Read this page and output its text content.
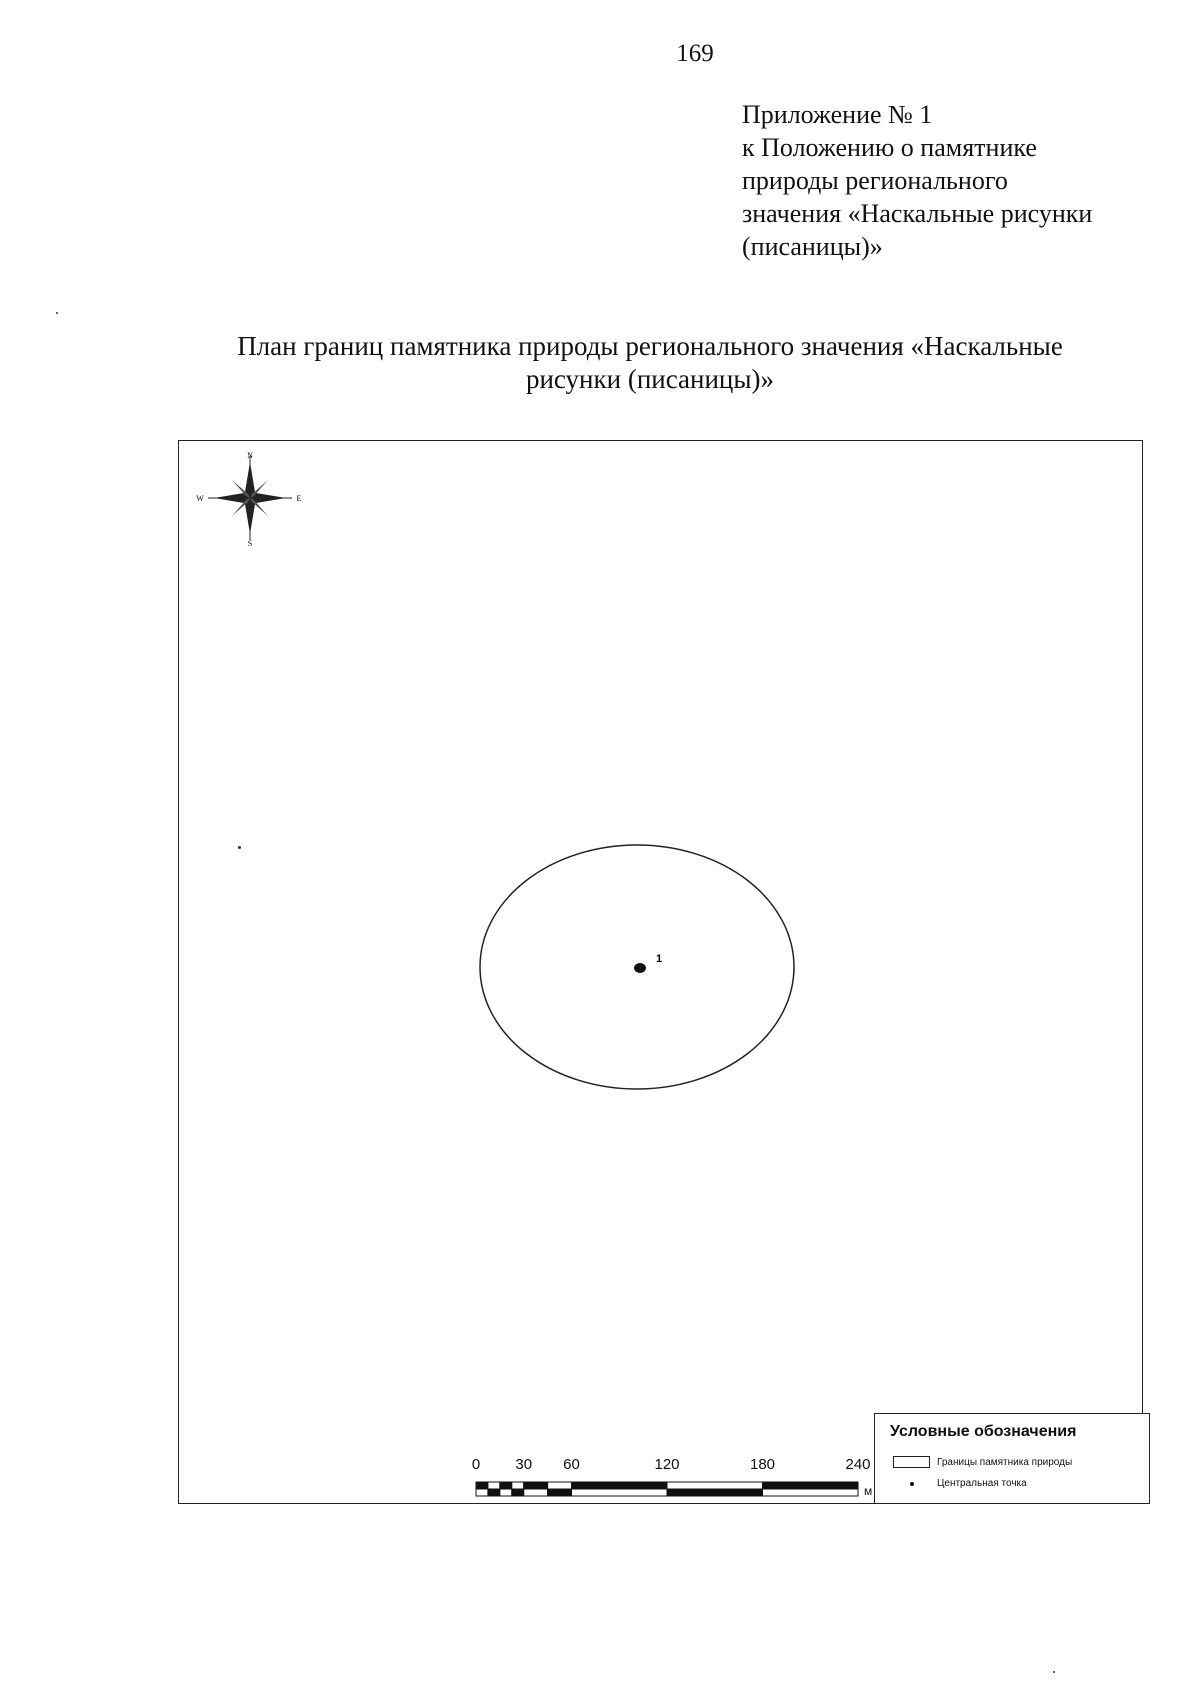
169
Приложение № 1
к Положению о памятнике
природы регионального
значения «Наскальные рисунки
(писаницы)»
План границ памятника природы регионального значения «Наскальные
рисунки (писаницы)»
N
S
W	E
1
0 30 60	120	180	240
м
Условные обозначения
Границы памятника природы
Центральная точка
